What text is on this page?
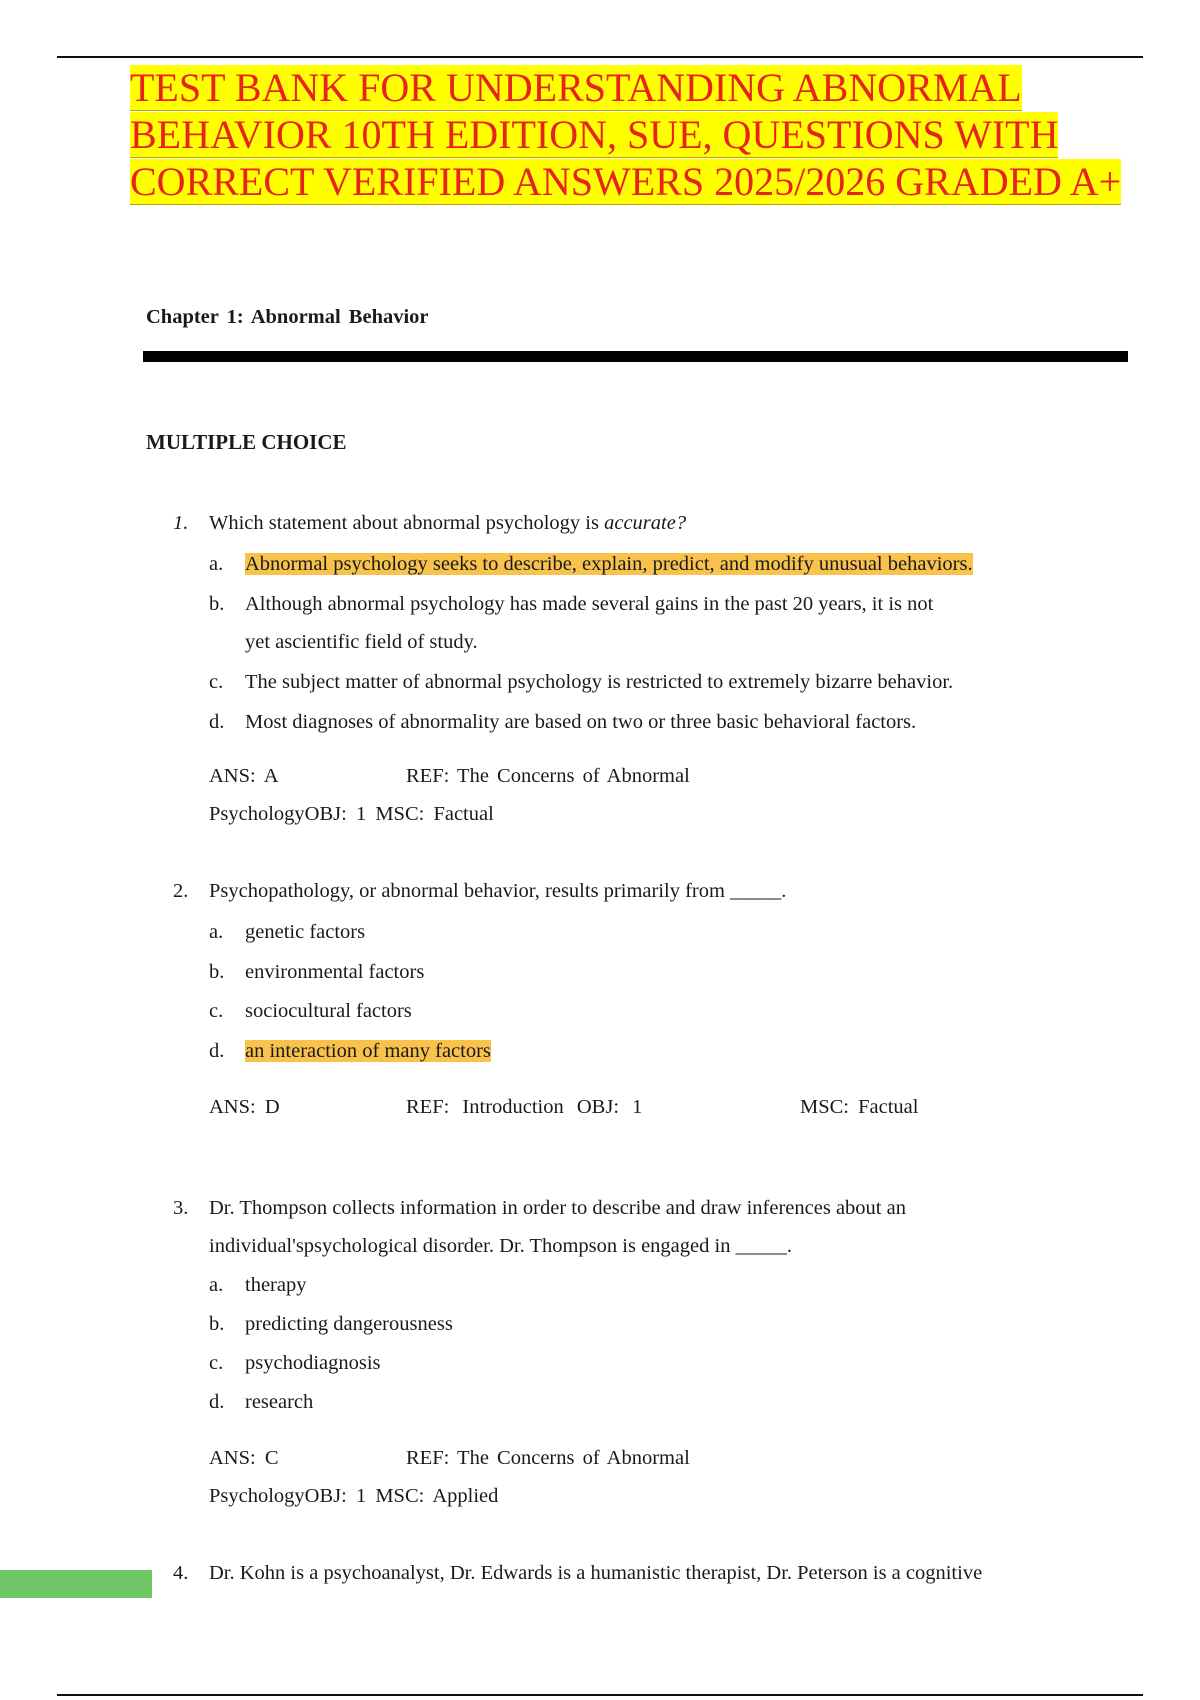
TEST BANK FOR UNDERSTANDING ABNORMAL
BEHAVIOR 10TH EDITION, SUE, QUESTIONS WITH
CORRECT VERIFIED ANSWERS 2025/2026 GRADED A+
Chapter 1: Abnormal Behavior
MULTIPLE CHOICE
1. Which statement about abnormal psychology is accurate?
a. Abnormal psychology seeks to describe, explain, predict, and modify unusual behaviors.
b. Although abnormal psychology has made several gains in the past 20 years, it is not
yet ascientific field of study.
c. The subject matter of abnormal psychology is restricted to extremely bizarre behavior.
d. Most diagnoses of abnormality are based on two or three basic behavioral factors.
ANS: A	REF: The Concerns of Abnormal
PsychologyOBJ: 1 MSC: Factual
2. Psychopathology, or abnormal behavior, results primarily from _____.
a. genetic factors
b. environmental factors
c. sociocultural factors
d. an interaction of many factors
ANS: D	REF: Introduction OBJ: 1	MSC: Factual
3. Dr. Thompson collects information in order to describe and draw inferences about an
individual'spsychological disorder. Dr. Thompson is engaged in _____.
a. therapy
b. predicting dangerousness
c. psychodiagnosis
d. research
ANS: C	REF: The Concerns of Abnormal
PsychologyOBJ: 1 MSC: Applied
4. Dr. Kohn is a psychoanalyst, Dr. Edwards is a humanistic therapist, Dr. Peterson is a cognitive
